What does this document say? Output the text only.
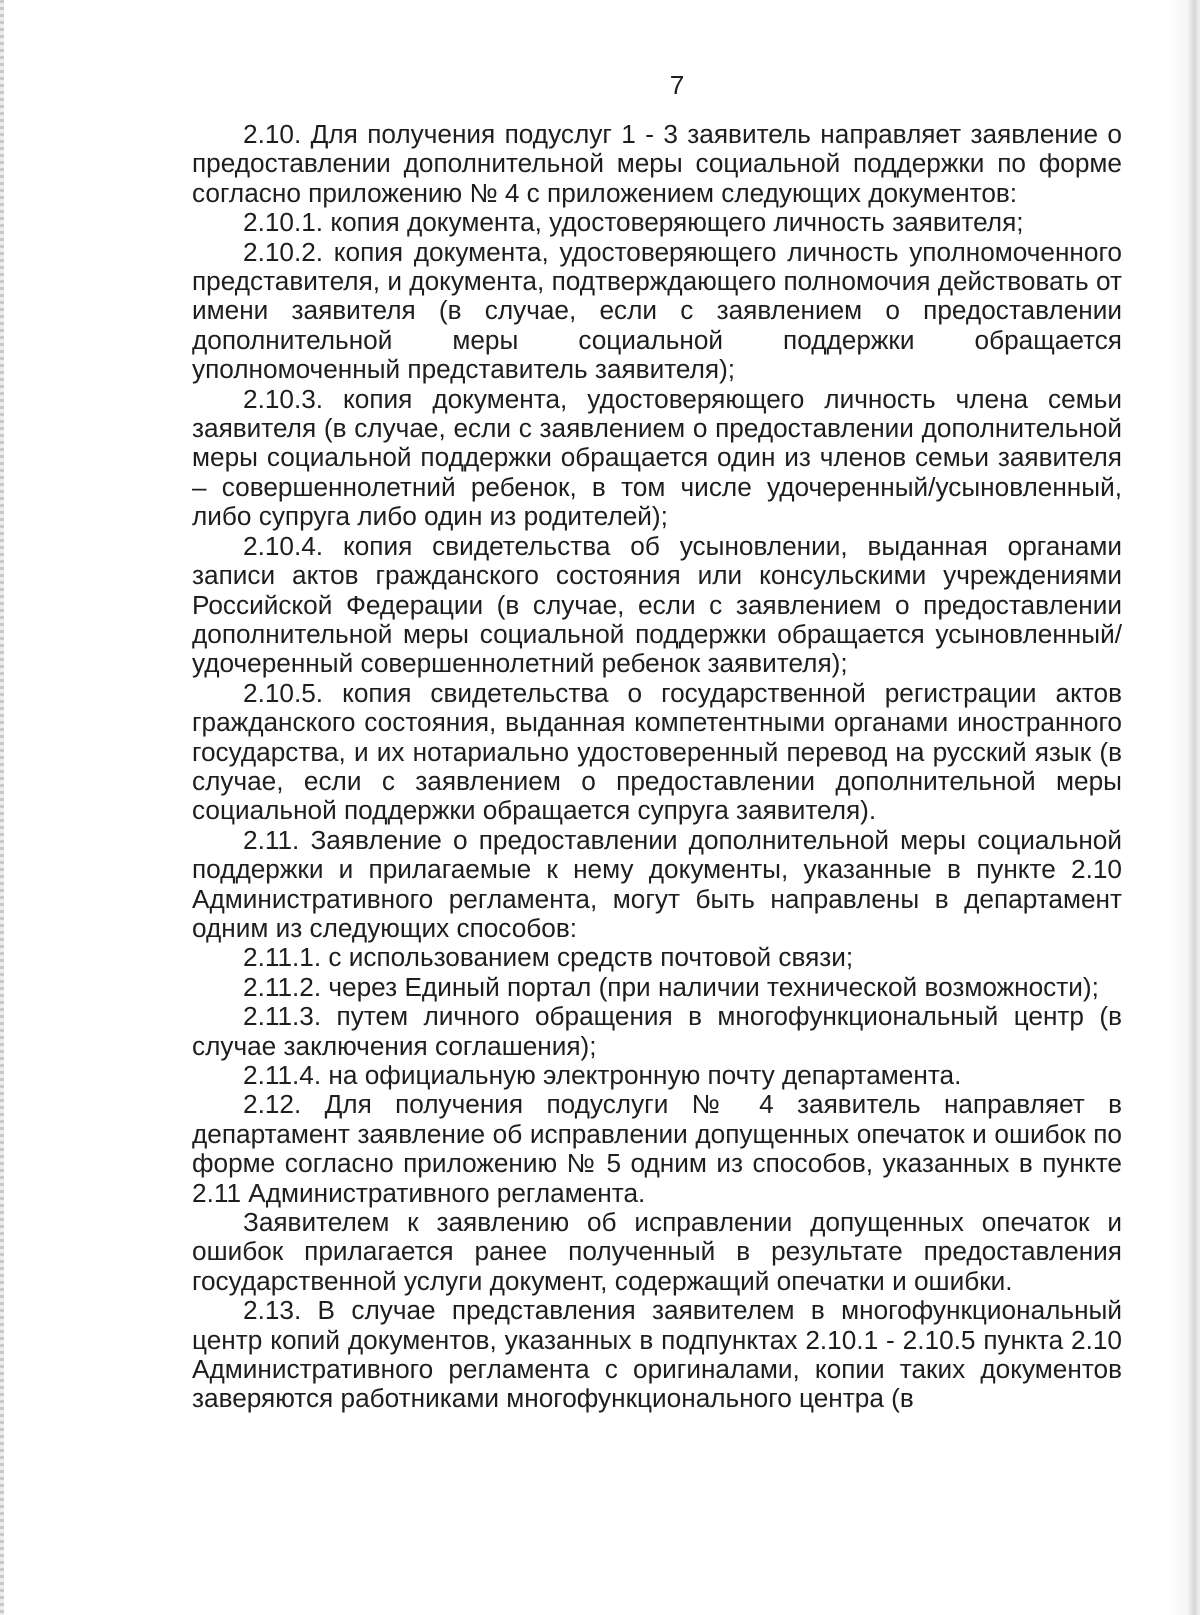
7

2.10. Для получения подуслуг 1 - 3 заявитель направляет заявление о предоставлении дополнительной меры социальной поддержки по форме согласно приложению № 4 с приложением следующих документов:

2.10.1. копия документа, удостоверяющего личность заявителя;

2.10.2. копия документа, удостоверяющего личность уполномоченного представителя, и документа, подтверждающего полномочия действовать от имени заявителя (в случае, если с заявлением о предоставлении дополнительной меры социальной поддержки обращается уполномоченный представитель заявителя);

2.10.3. копия документа, удостоверяющего личность члена семьи заявителя (в случае, если с заявлением о предоставлении дополнительной меры социальной поддержки обращается один из членов семьи заявителя – совершеннолетний ребенок, в том числе удочеренный/усыновленный, либо супруга либо один из родителей);

2.10.4. копия свидетельства об усыновлении, выданная органами записи актов гражданского состояния или консульскими учреждениями Российской Федерации (в случае, если с заявлением о предоставлении дополнительной меры социальной поддержки обращается усыновленный/удочеренный совершеннолетний ребенок заявителя);

2.10.5. копия свидетельства о государственной регистрации актов гражданского состояния, выданная компетентными органами иностранного государства, и их нотариально удостоверенный перевод на русский язык (в случае, если с заявлением о предоставлении дополнительной меры социальной поддержки обращается супруга заявителя).

2.11. Заявление о предоставлении дополнительной меры социальной поддержки и прилагаемые к нему документы, указанные в пункте 2.10 Административного регламента, могут быть направлены в департамент одним из следующих способов:

2.11.1. с использованием средств почтовой связи;

2.11.2. через Единый портал (при наличии технической возможности);

2.11.3. путем личного обращения в многофункциональный центр (в случае заключения соглашения);

2.11.4. на официальную электронную почту департамента.

2.12. Для получения подуслуги № 4 заявитель направляет в департамент заявление об исправлении допущенных опечаток и ошибок по форме согласно приложению № 5 одним из способов, указанных в пункте 2.11 Административного регламента.

Заявителем к заявлению об исправлении допущенных опечаток и ошибок прилагается ранее полученный в результате предоставления государственной услуги документ, содержащий опечатки и ошибки.

2.13. В случае представления заявителем в многофункциональный центр копий документов, указанных в подпунктах 2.10.1 - 2.10.5 пункта 2.10 Административного регламента с оригиналами, копии таких документов заверяются работниками многофункционального центра (в
